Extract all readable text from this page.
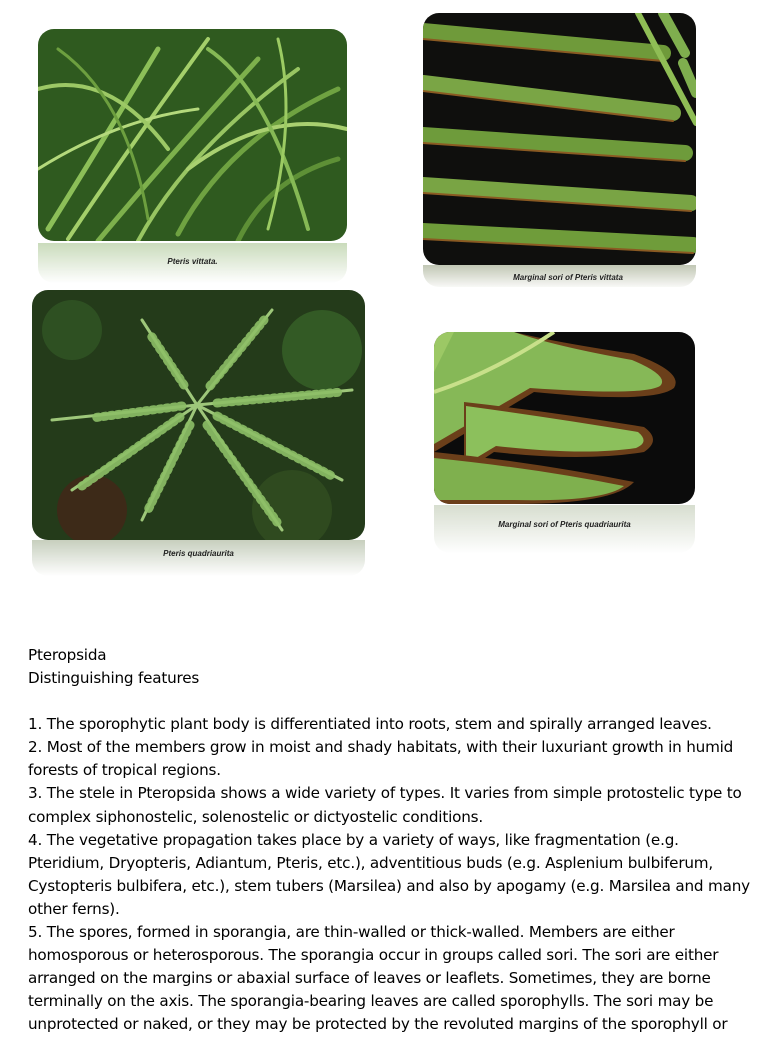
Pteris vittata.
Marginal sori of Pteris vittata
Pteris quadriaurita
Marginal sori of Pteris quadriaurita

Pteropsida

Distinguishing features

1. The sporophytic plant body is differentiated into roots, stem and spirally arranged leaves.

2. Most of the members grow in moist and shady habitats, with their luxuriant growth in humid forests of tropical regions.

3. The stele in Pteropsida shows a wide variety of types. It varies from simple protostelic type to complex siphonostelic, solenostelic or dictyostelic conditions.

4. The vegetative propagation takes place by a variety of ways, like fragmentation (e.g. Pteridium, Dryopteris, Adiantum, Pteris, etc.), adventitious buds (e.g. Asplenium bulbiferum, Cystopteris bulbifera, etc.), stem tubers (Marsilea) and also by apogamy (e.g. Marsilea and many other ferns).

5. The spores, formed in sporangia, are thin-walled or thick-walled. Members are either homosporous or heterosporous. The sporangia occur in groups called sori. The sori are either arranged on the margins or abaxial surface of leaves or leaflets. Sometimes, they are borne terminally on the axis. The sporangia-bearing leaves are called sporophylls. The sori may be unprotected or naked, or they may be protected by the revoluted margins of the sporophyll or
